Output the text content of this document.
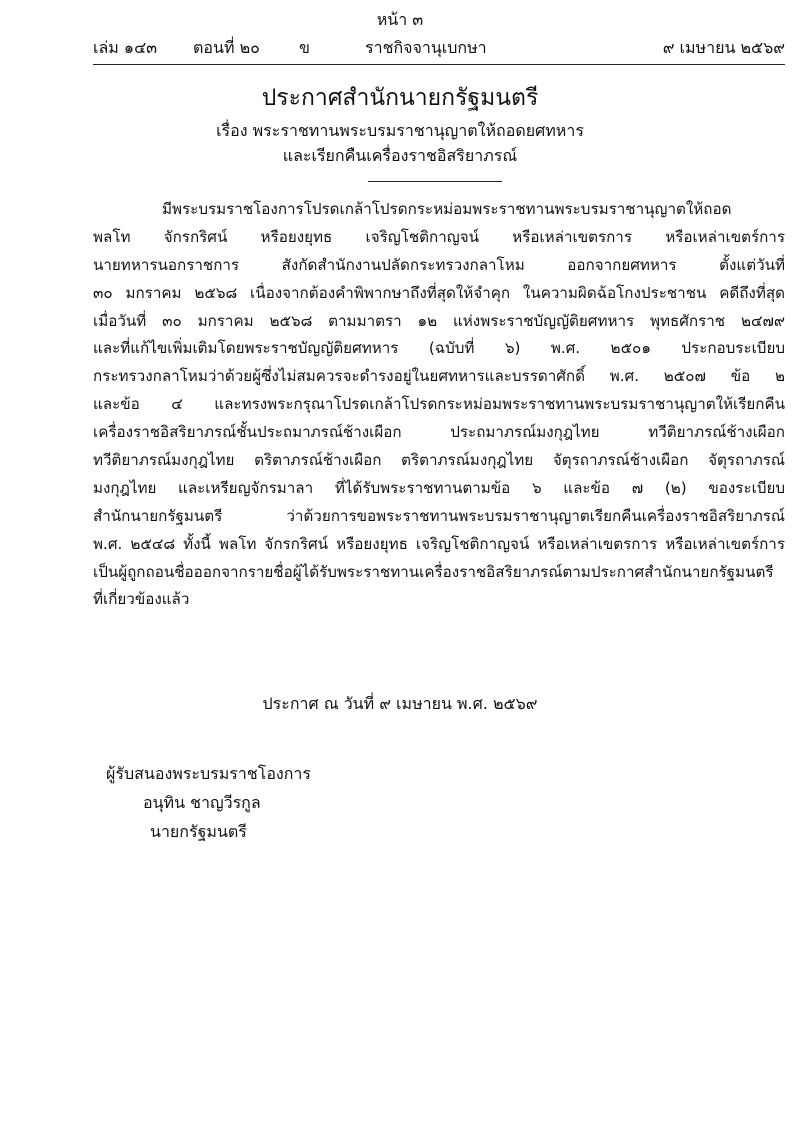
หน้า ๓
เล่ม ๑๔๓ ตอนที่ ๒๐ ข	ราชกิจจานุเบกษา	๙ เมษายน ๒๕๖๙
ประกาศสำนักนายกรัฐมนตรี
เรื่อง พระราชทานพระบรมราชานุญาตให้ถอดยศทหาร
และเรียกคืนเครื่องราชอิสริยาภรณ์
มีพระบรมราชโองการโปรดเกล้าโปรดกระหม่อมพระราชทานพระบรมราชานุญาตให้ถอด
พลโท จักรกริศน์ หรือยงยุทธ เจริญโชติกาญจน์ หรือเหล่าเขตรการ หรือเหล่าเขตร์การ
นายทหารนอกราชการ สังกัดสำนักงานปลัดกระทรวงกลาโหม ออกจากยศทหาร ตั้งแต่วันที่
๓๐ มกราคม ๒๕๖๘ เนื่องจากต้องคำพิพากษาถึงที่สุดให้จำคุก ในความผิดฉ้อโกงประชาชน คดีถึงที่สุด
เมื่อวันที่ ๓๐ มกราคม ๒๕๖๘ ตามมาตรา ๑๒ แห่งพระราชบัญญัติยศทหาร พุทธศักราช ๒๔๗๙
และที่แก้ไขเพิ่มเติมโดยพระราชบัญญัติยศทหาร (ฉบับที่ ๖) พ.ศ. ๒๕๐๑ ประกอบระเบียบ
กระทรวงกลาโหมว่าด้วยผู้ซึ่งไม่สมควรจะดำรงอยู่ในยศทหารและบรรดาศักดิ์ พ.ศ. ๒๕๐๗ ข้อ ๒
และข้อ ๔ และทรงพระกรุณาโปรดเกล้าโปรดกระหม่อมพระราชทานพระบรมราชานุญาตให้เรียกคืน
เครื่องราชอิสริยาภรณ์ชั้นประถมาภรณ์ช้างเผือก ประถมาภรณ์มงกุฎไทย ทวีติยาภรณ์ช้างเผือก
ทวีติยาภรณ์มงกุฎไทย ตริตาภรณ์ช้างเผือก ตริตาภรณ์มงกุฎไทย จัตุรถาภรณ์ช้างเผือก จัตุรถาภรณ์
มงกุฎไทย และเหรียญจักรมาลา ที่ได้รับพระราชทานตามข้อ ๖ และข้อ ๗ (๒) ของระเบียบ
สำนักนายกรัฐมนตรี ว่าด้วยการขอพระราชทานพระบรมราชานุญาตเรียกคืนเครื่องราชอิสริยาภรณ์
พ.ศ. ๒๕๔๘ ทั้งนี้ พลโท จักรกริศน์ หรือยงยุทธ เจริญโชติกาญจน์ หรือเหล่าเขตรการ หรือเหล่าเขตร์การ
เป็นผู้ถูกถอนชื่อออกจากรายชื่อผู้ได้รับพระราชทานเครื่องราชอิสริยาภรณ์ตามประกาศสำนักนายกรัฐมนตรี
ที่เกี่ยวข้องแล้ว
ประกาศ ณ วันที่ ๙ เมษายน พ.ศ. ๒๕๖๙
ผู้รับสนองพระบรมราชโองการ
อนุทิน ชาญวีรกูล
นายกรัฐมนตรี
